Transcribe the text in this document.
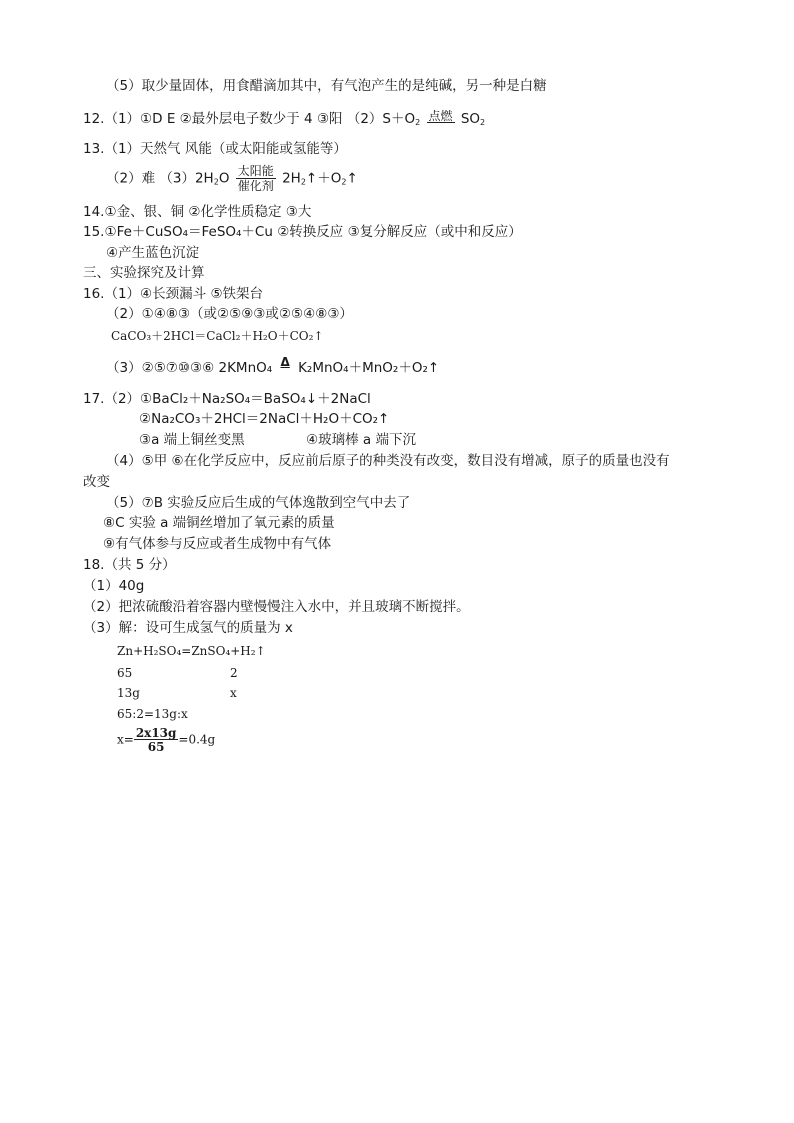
（5）取少量固体，用食醋滴加其中，有气泡产生的是纯碱，另一种是白糖
12.（1）①D E ②最外层电子数少于 4 ③阳 $(2)S+O_2$ 点燃 $SO_2$
13.（1）天然气 风能（或太阳能或氢能等）
（2）难 $(3)2H_2O$ 太阳能
催化剂 $2H_2↑+O_2↑$
14.①金、银、铜 ②化学性质稳定 ③大
15.①Fe＋CuSO₄＝FeSO₄＋Cu ②转换反应 ③复分解反应（或中和反应）
④产生蓝色沉淀
三、实验探究及计算
16.（1）④长颈漏斗 ⑤铁架台
（2）①④⑧③（或②⑤⑨③或②⑤④⑧③）
CaCO₃＋2HCl＝CaCl₂＋H₂O＋CO₂↑
（3）②⑤⑦⑩③⑥ 2KMnO₄ Δ K₂MnO₄＋MnO₂＋O₂↑
17.（2）①BaCl₂＋Na₂SO₄＝BaSO₄↓＋2NaCl
②Na₂CO₃＋2HCl＝2NaCl＋H₂O＋CO₂↑
③a 端上铜丝变黑	④玻璃棒 a 端下沉
（4）⑤甲 ⑥在化学反应中，反应前后原子的种类没有改变，数目没有增减，原子的质量也没有
改变
（5）⑦B 实验反应后生成的气体逸散到空气中去了
⑧C 实验 a 端铜丝增加了氧元素的质量
⑨有气体参与反应或者生成物中有气体
18.（共 5 分）
（1）40g
（2）把浓硫酸沿着容器内壁慢慢注入水中，并且玻璃不断搅拌。
（3）解：设可生成氢气的质量为 x
Zn+H₂SO₄=ZnSO₄+H₂↑
65	2
13g	x
65:2=13g:x
$x= \frac{2x13g}{65} =0.4g$
